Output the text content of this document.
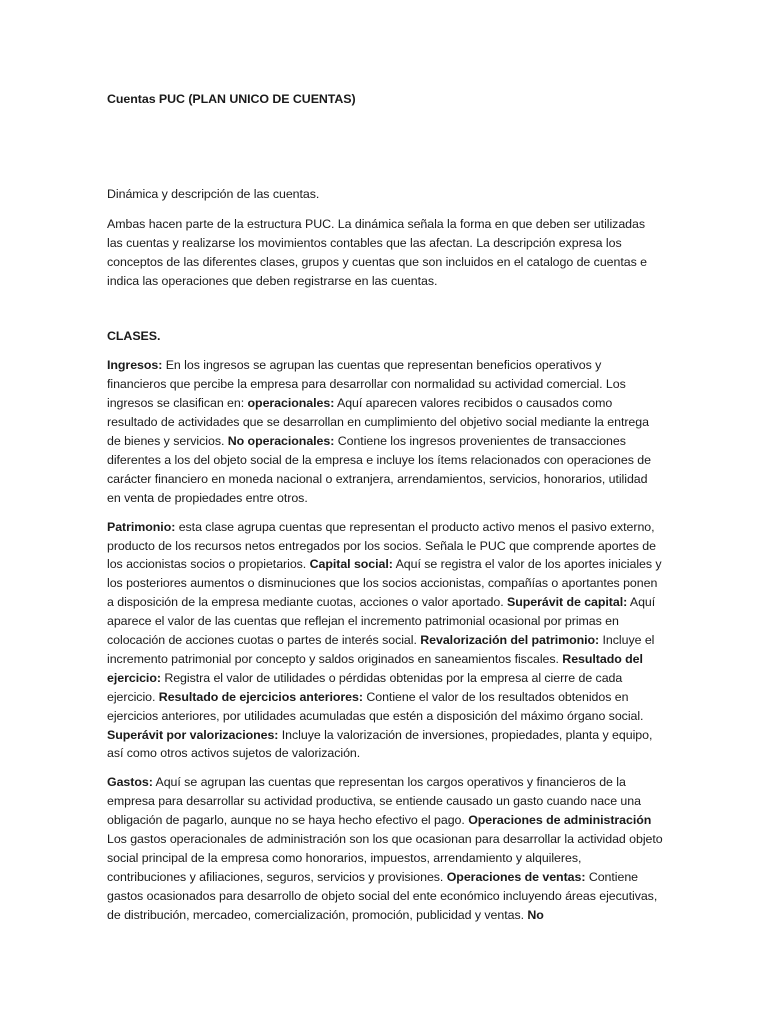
Cuentas PUC (PLAN UNICO DE CUENTAS)

Dinámica y descripción de las cuentas.

Ambas hacen parte de la estructura PUC. La dinámica señala la forma en que deben ser utilizadas las cuentas y realizarse los movimientos contables que las afectan. La descripción expresa los conceptos de las diferentes clases, grupos y cuentas que son incluidos en el catalogo de cuentas e indica las operaciones que deben registrarse en las cuentas.

CLASES.

Ingresos: En los ingresos se agrupan las cuentas que representan beneficios operativos y financieros que percibe la empresa para desarrollar con normalidad su actividad comercial. Los ingresos se clasifican en: operacionales: Aquí aparecen valores recibidos o causados como resultado de actividades que se desarrollan en cumplimiento del objetivo social mediante la entrega de bienes y servicios. No operacionales: Contiene los ingresos provenientes de transacciones diferentes a los del objeto social de la empresa e incluye los ítems relacionados con operaciones de carácter financiero en moneda nacional o extranjera, arrendamientos, servicios, honorarios, utilidad en venta de propiedades entre otros.

Patrimonio: esta clase agrupa cuentas que representan el producto activo menos el pasivo externo, producto de los recursos netos entregados por los socios. Señala le PUC que comprende aportes de los accionistas socios o propietarios. Capital social: Aquí se registra el valor de los aportes iniciales y los posteriores aumentos o disminuciones que los socios accionistas, compañías o aportantes ponen a disposición de la empresa mediante cuotas, acciones o valor aportado. Superávit de capital: Aquí aparece el valor de las cuentas que reflejan el incremento patrimonial ocasional por primas en colocación de acciones cuotas o partes de interés social. Revalorización del patrimonio: Incluye el incremento patrimonial por concepto y saldos originados en saneamientos fiscales. Resultado del ejercicio: Registra el valor de utilidades o pérdidas obtenidas por la empresa al cierre de cada ejercicio. Resultado de ejercicios anteriores: Contiene el valor de los resultados obtenidos en ejercicios anteriores, por utilidades acumuladas que estén a disposición del máximo órgano social. Superávit por valorizaciones: Incluye la valorización de inversiones, propiedades, planta y equipo, así como otros activos sujetos de valorización.

Gastos: Aquí se agrupan las cuentas que representan los cargos operativos y financieros de la empresa para desarrollar su actividad productiva, se entiende causado un gasto cuando nace una obligación de pagarlo, aunque no se haya hecho efectivo el pago. Operaciones de administración Los gastos operacionales de administración son los que ocasionan para desarrollar la actividad objeto social principal de la empresa como honorarios, impuestos, arrendamiento y alquileres, contribuciones y afiliaciones, seguros, servicios y provisiones. Operaciones de ventas: Contiene gastos ocasionados para desarrollo de objeto social del ente económico incluyendo áreas ejecutivas, de distribución, mercadeo, comercialización, promoción, publicidad y ventas. No
